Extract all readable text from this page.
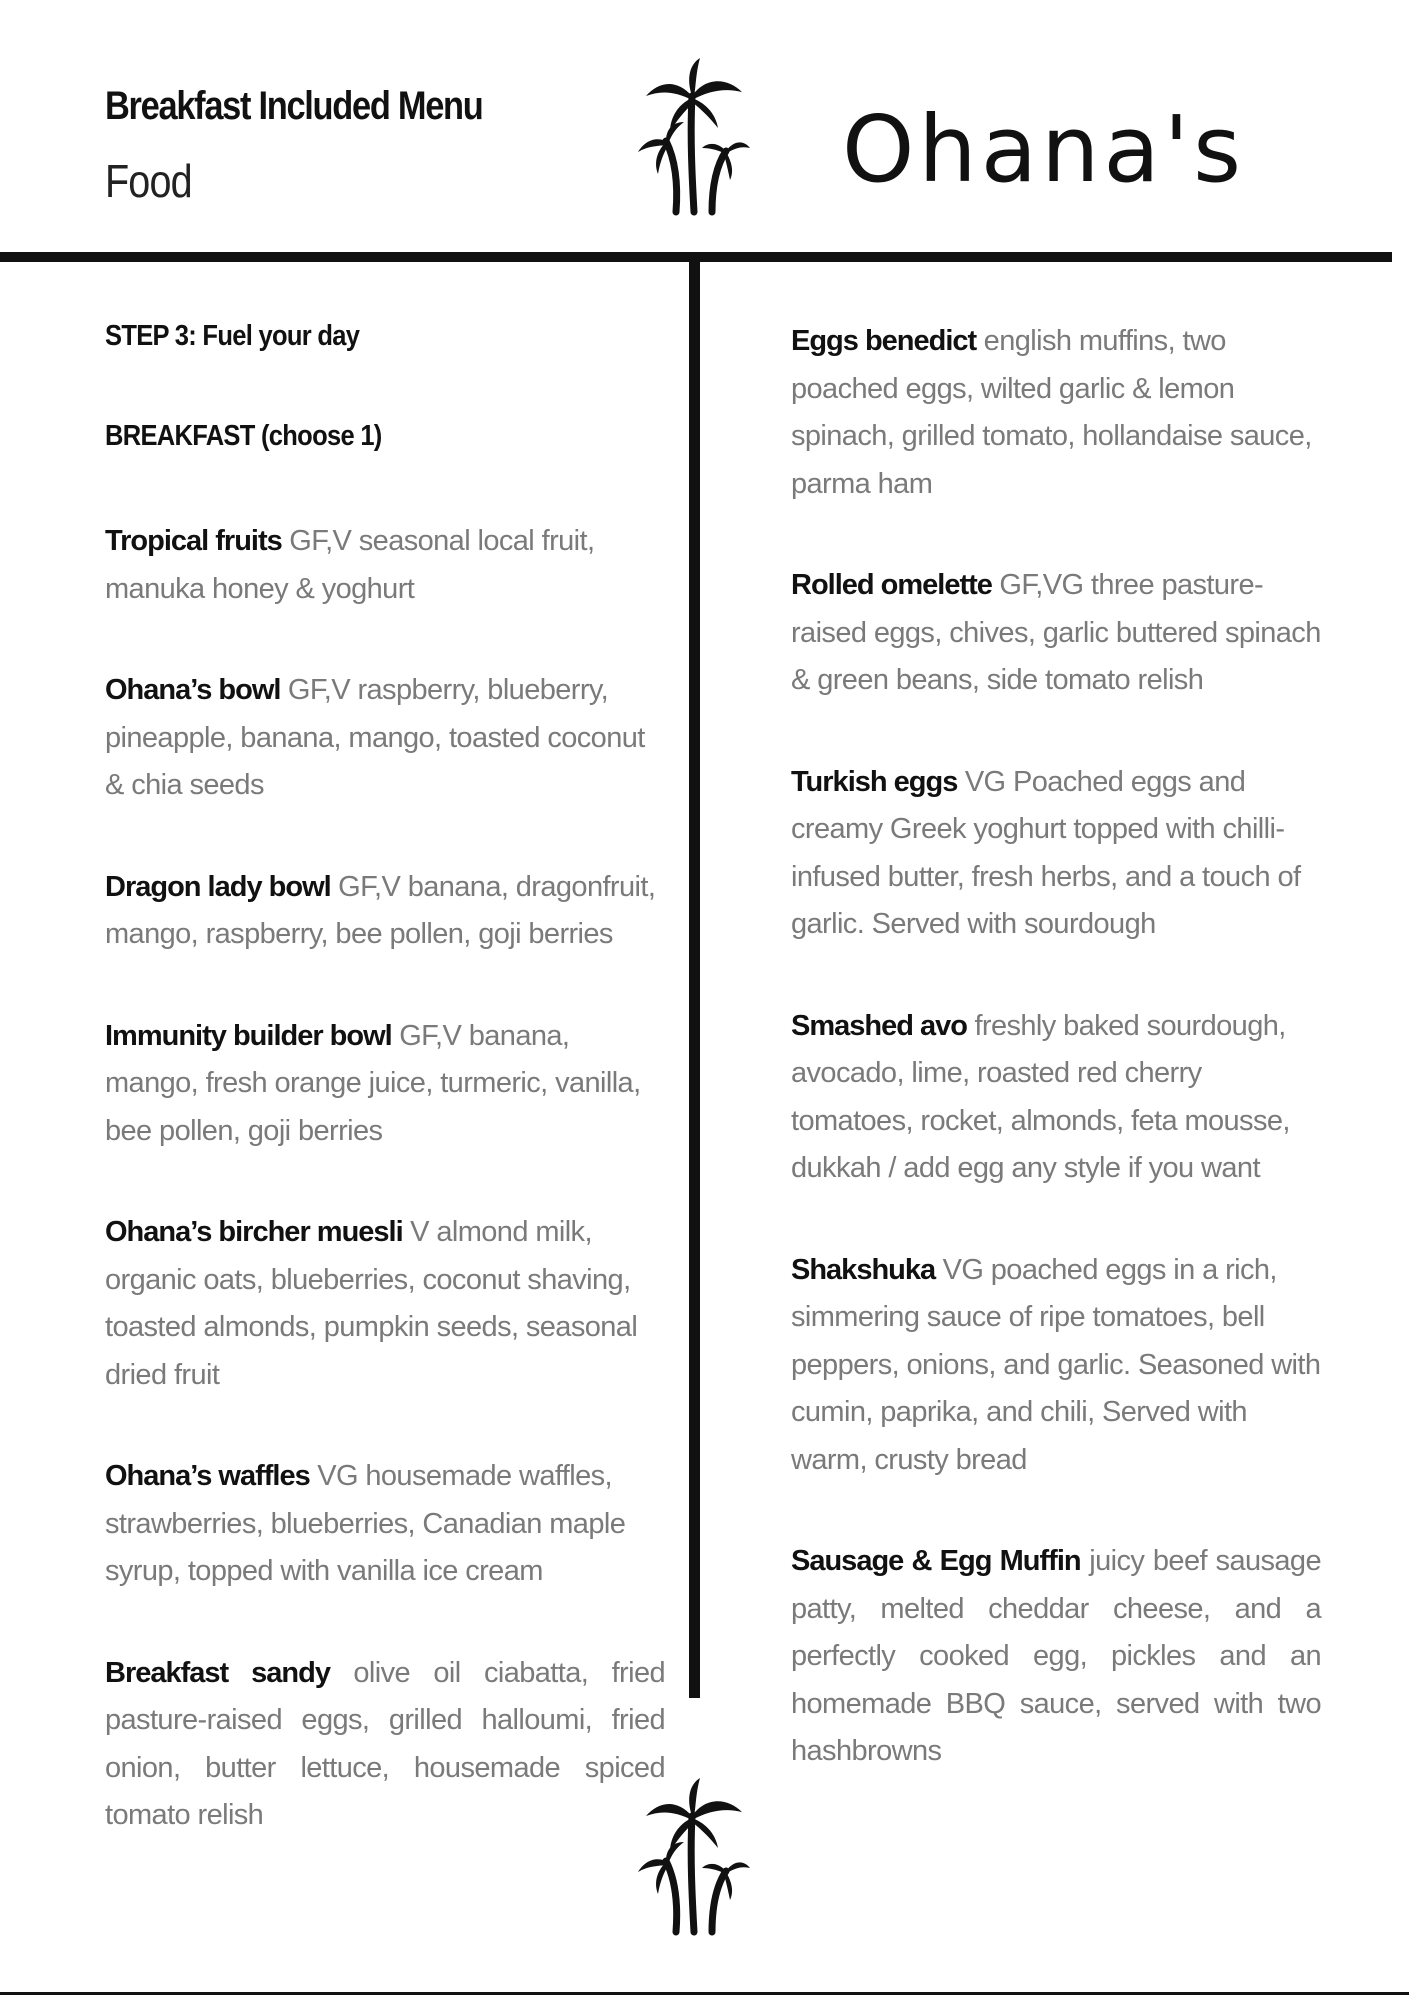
Breakfast Included Menu
Food	Ohana's
STEP 3: Fuel your day
BREAKFAST (choose 1)
Tropical fruits GF,V seasonal local fruit, manuka honey & yoghurt
Ohana’s bowl GF,V raspberry, blueberry, pineapple, banana, mango, toasted coconut & chia seeds
Dragon lady bowl GF,V banana, dragonfruit, mango, raspberry, bee pollen, goji berries
Immunity builder bowl GF,V banana, mango, fresh orange juice, turmeric, vanilla, bee pollen, goji berries
Ohana’s bircher muesli V almond milk, organic oats, blueberries, coconut shaving, toasted almonds, pumpkin seeds, seasonal dried fruit
Ohana’s waffles VG housemade waffles, strawberries, blueberries, Canadian maple syrup, topped with vanilla ice cream
Breakfast sandy olive oil ciabatta, fried pasture-raised eggs, grilled halloumi, fried onion, butter lettuce, housemade spiced tomato relish
Eggs benedict english muffins, two poached eggs, wilted garlic & lemon spinach, grilled tomato, hollandaise sauce, parma ham
Rolled omelette GF,VG three pasture-raised eggs, chives, garlic buttered spinach & green beans, side tomato relish
Turkish eggs VG Poached eggs and creamy Greek yoghurt topped with chilli-infused butter, fresh herbs, and a touch of garlic. Served with sourdough
Smashed avo freshly baked sourdough, avocado, lime, roasted red cherry tomatoes, rocket, almonds, feta mousse, dukkah / add egg any style if you want
Shakshuka VG poached eggs in a rich, simmering sauce of ripe tomatoes, bell peppers, onions, and garlic. Seasoned with cumin, paprika, and chili, Served with warm, crusty bread
Sausage & Egg Muffin juicy beef sausage patty, melted cheddar cheese, and a perfectly cooked egg, pickles and an homemade BBQ sauce, served with two hashbrowns
